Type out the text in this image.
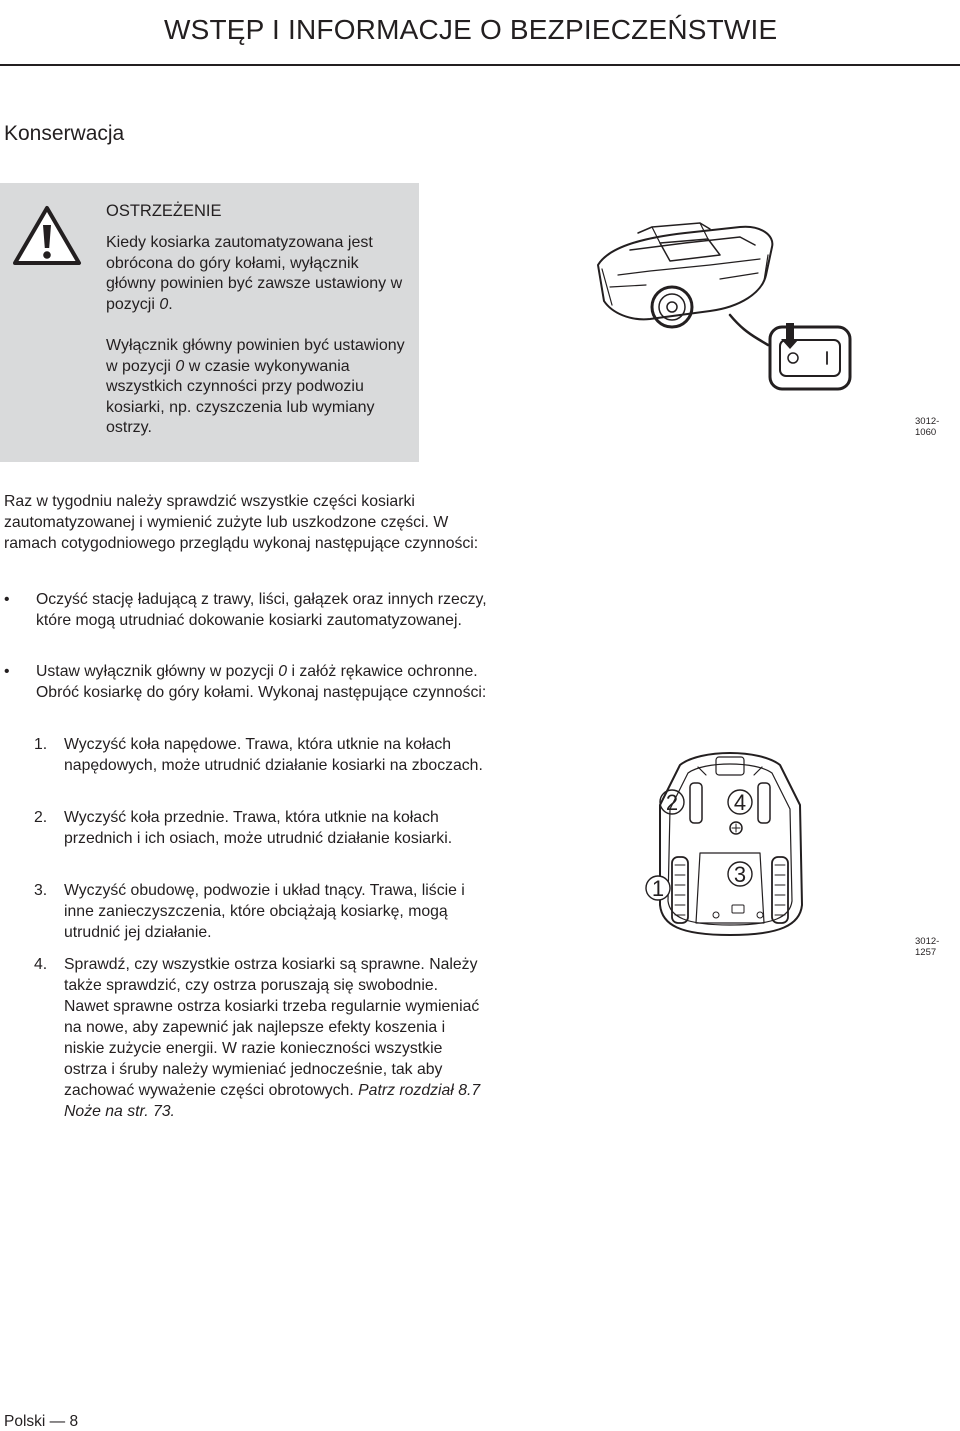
WSTĘP I INFORMACJE O BEZPIECZEŃSTWIE
Konserwacja
OSTRZEŻENIE
Kiedy kosiarka zautomatyzowana jest obrócona do góry kołami, wyłącznik główny powinien być zawsze ustawiony w pozycji 0.
Wyłącznik główny powinien być ustawiony w pozycji 0 w czasie wykonywania wszystkich czynności przy podwoziu kosiarki, np. czyszczenia lub wymiany ostrzy.	3012-1060
Raz w tygodniu należy sprawdzić wszystkie części kosiarki zautomatyzowanej i wymienić zużyte lub uszkodzone części. W ramach cotygodniowego przeglądu wykonaj następujące czynności:
• Oczyść stację ładującą z trawy, liści, gałązek oraz innych rzeczy, które mogą utrudniać dokowanie kosiarki zautomatyzowanej.
• Ustaw wyłącznik główny w pozycji 0 i załóż rękawice ochronne. Obróć kosiarkę do góry kołami. Wykonaj następujące czynności:
1.	Wyczyść koła napędowe. Trawa, która utknie na kołach napędowych, może utrudnić działanie kosiarki na zboczach.
2.	Wyczyść koła przednie. Trawa, która utknie na kołach przednich i ich osiach, może utrudnić działanie kosiarki.
3.	Wyczyść obudowę, podwozie i układ tnący. Trawa, liście i inne zanieczyszczenia, które obciążają kosiarkę, mogą utrudnić jej działanie.
4.	Sprawdź, czy wszystkie ostrza kosiarki są sprawne. Należy także sprawdzić, czy ostrza poruszają się swobodnie. Nawet sprawne ostrza kosiarki trzeba regularnie wymieniać na nowe, aby zapewnić jak najlepsze efekty koszenia i niskie zużycie energii. W razie konieczności wszystkie ostrza i śruby należy wymieniać jednocześnie, tak aby zachować wyważenie części obrotowych. Patrz rozdział 8.7 Noże na str. 73.
2	4
3
1
3012-1257
Polski — 8
